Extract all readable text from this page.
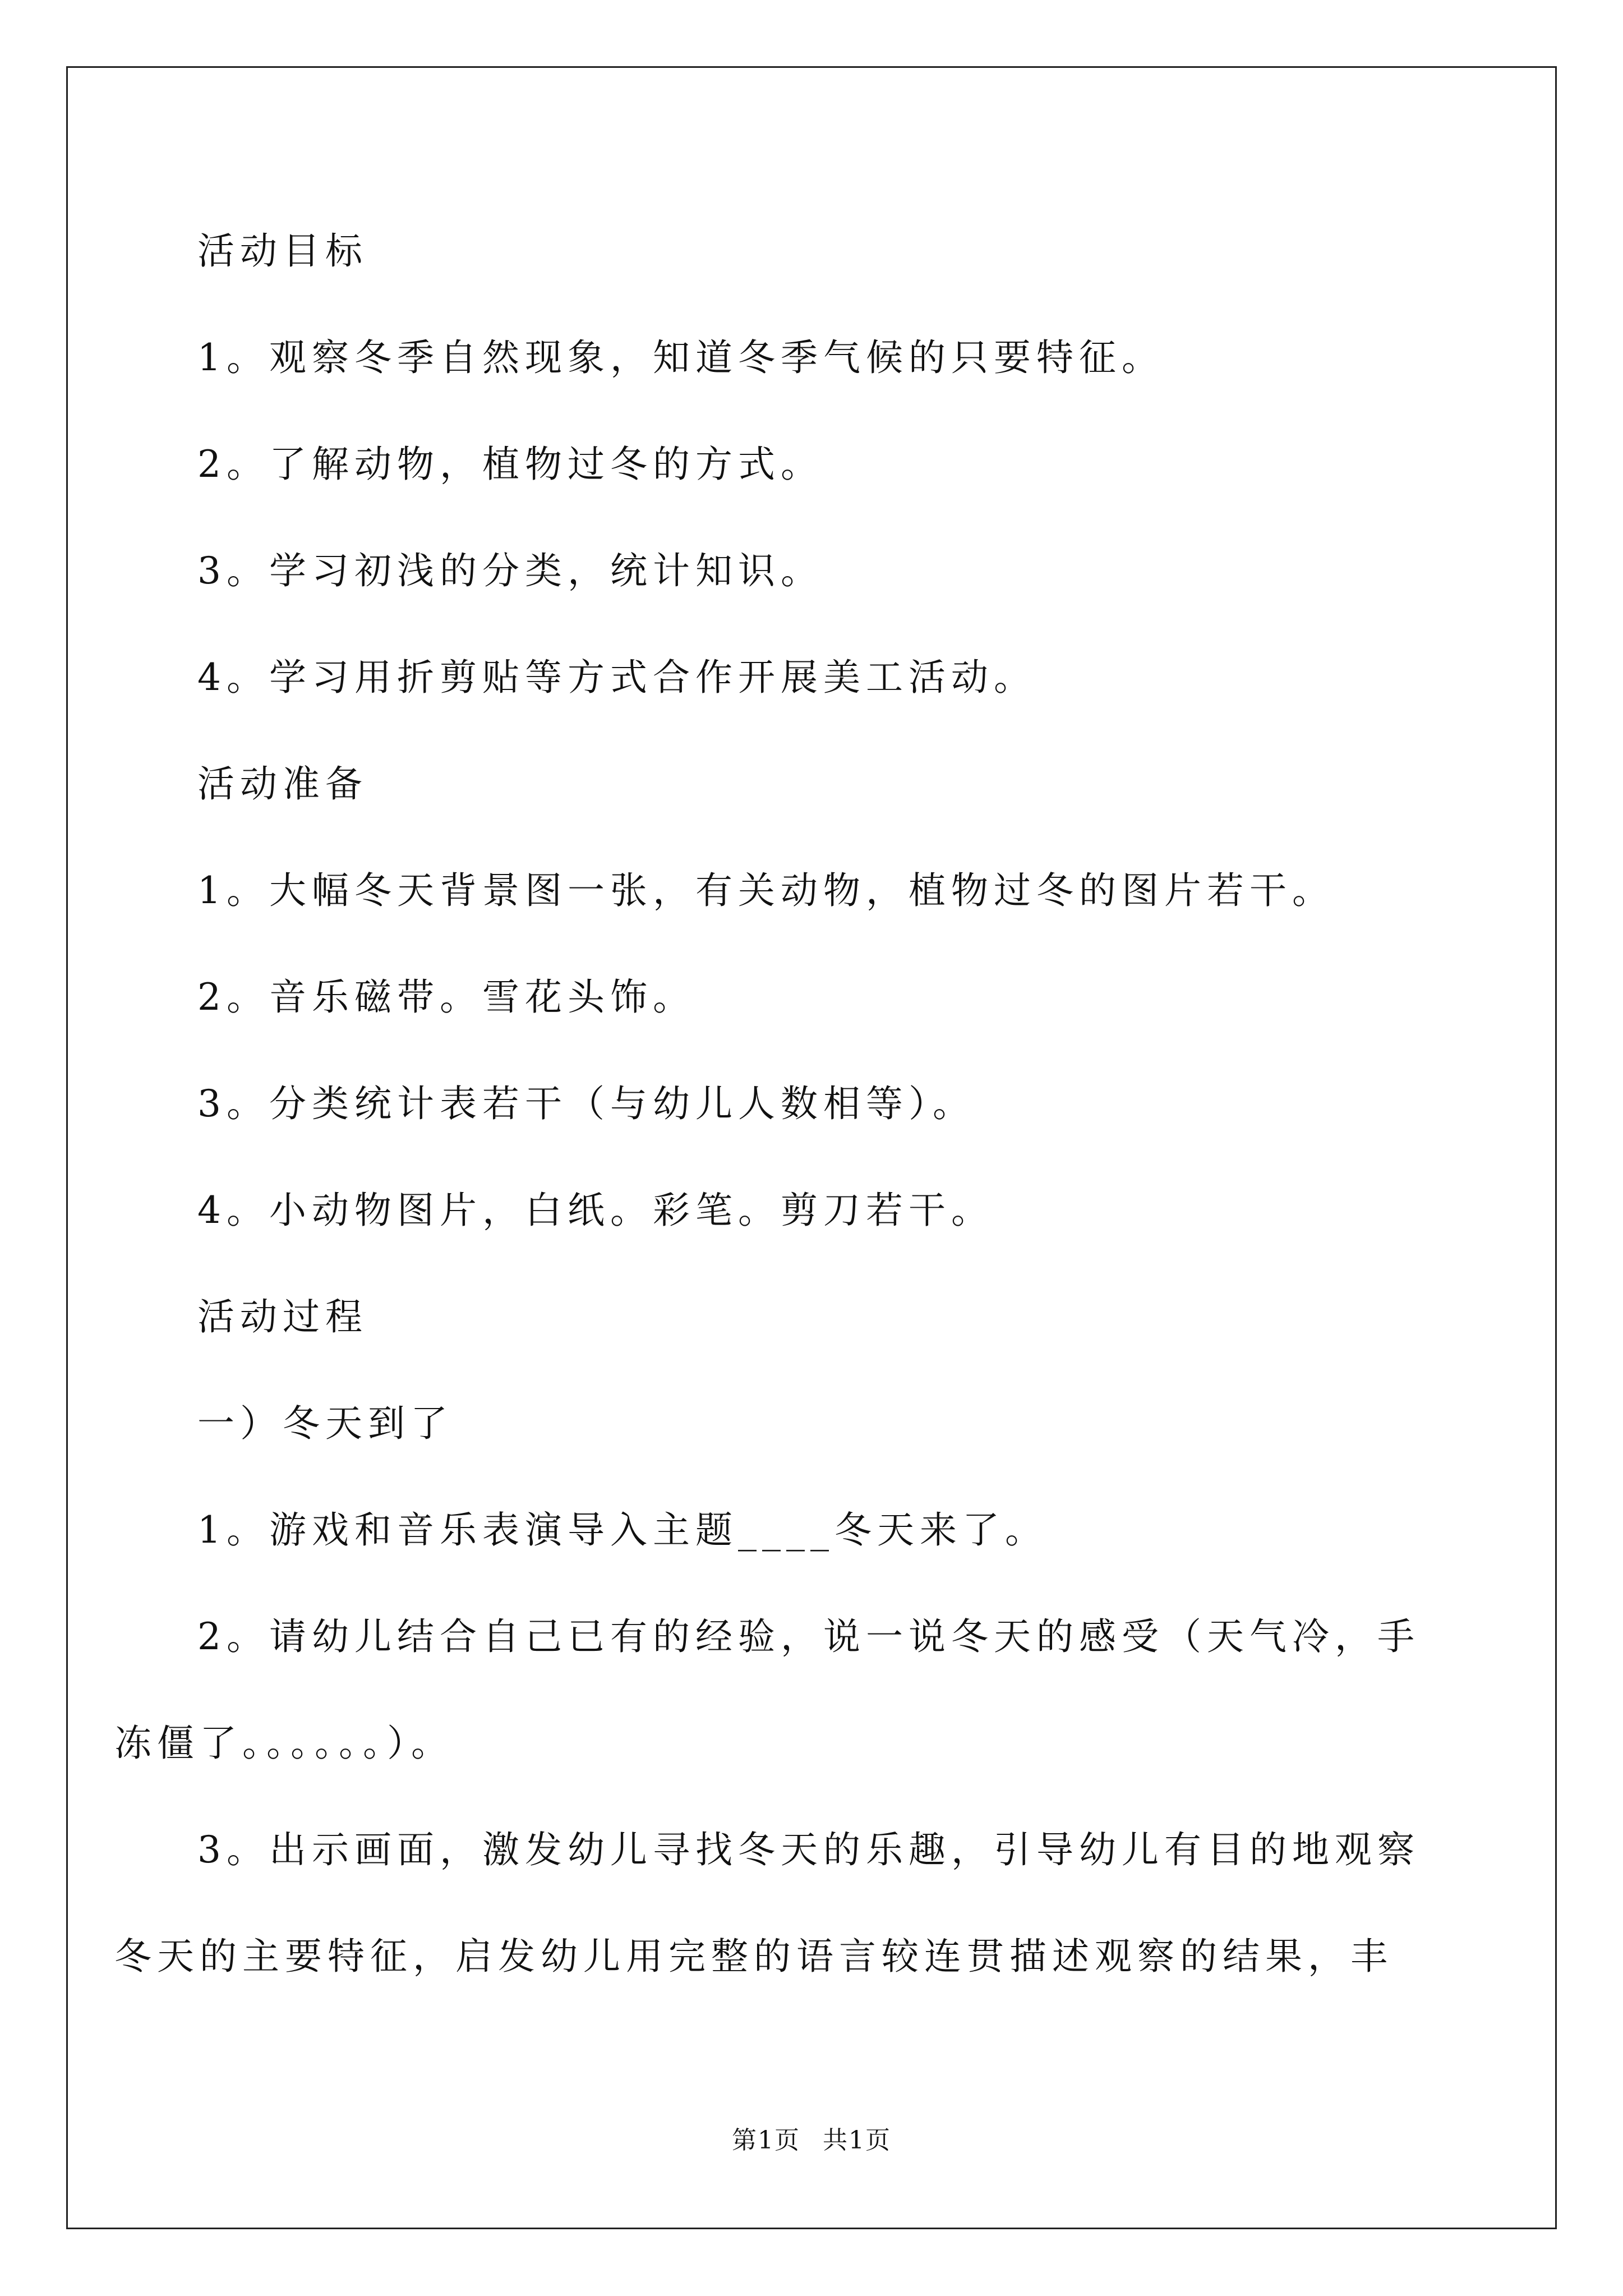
活动目标
1。观察冬季自然现象，知道冬季气候的只要特征。
2。了解动物，植物过冬的方式。
3。学习初浅的分类，统计知识。
4。学习用折剪贴等方式合作开展美工活动。
活动准备
1。大幅冬天背景图一张，有关动物，植物过冬的图片若干。
2。音乐磁带。雪花头饰。
3。分类统计表若干（与幼儿人数相等）。
4。小动物图片，白纸。彩笔。剪刀若干。
活动过程
一）冬天到了
1。游戏和音乐表演导入主题____冬天来了。
2。请幼儿结合自己已有的经验，说一说冬天的感受（天气冷，手
冻僵了。。。。。。）。
3。出示画面，激发幼儿寻找冬天的乐趣，引导幼儿有目的地观察
冬天的主要特征，启发幼儿用完整的语言较连贯描述观察的结果，丰
第1页 共1页
